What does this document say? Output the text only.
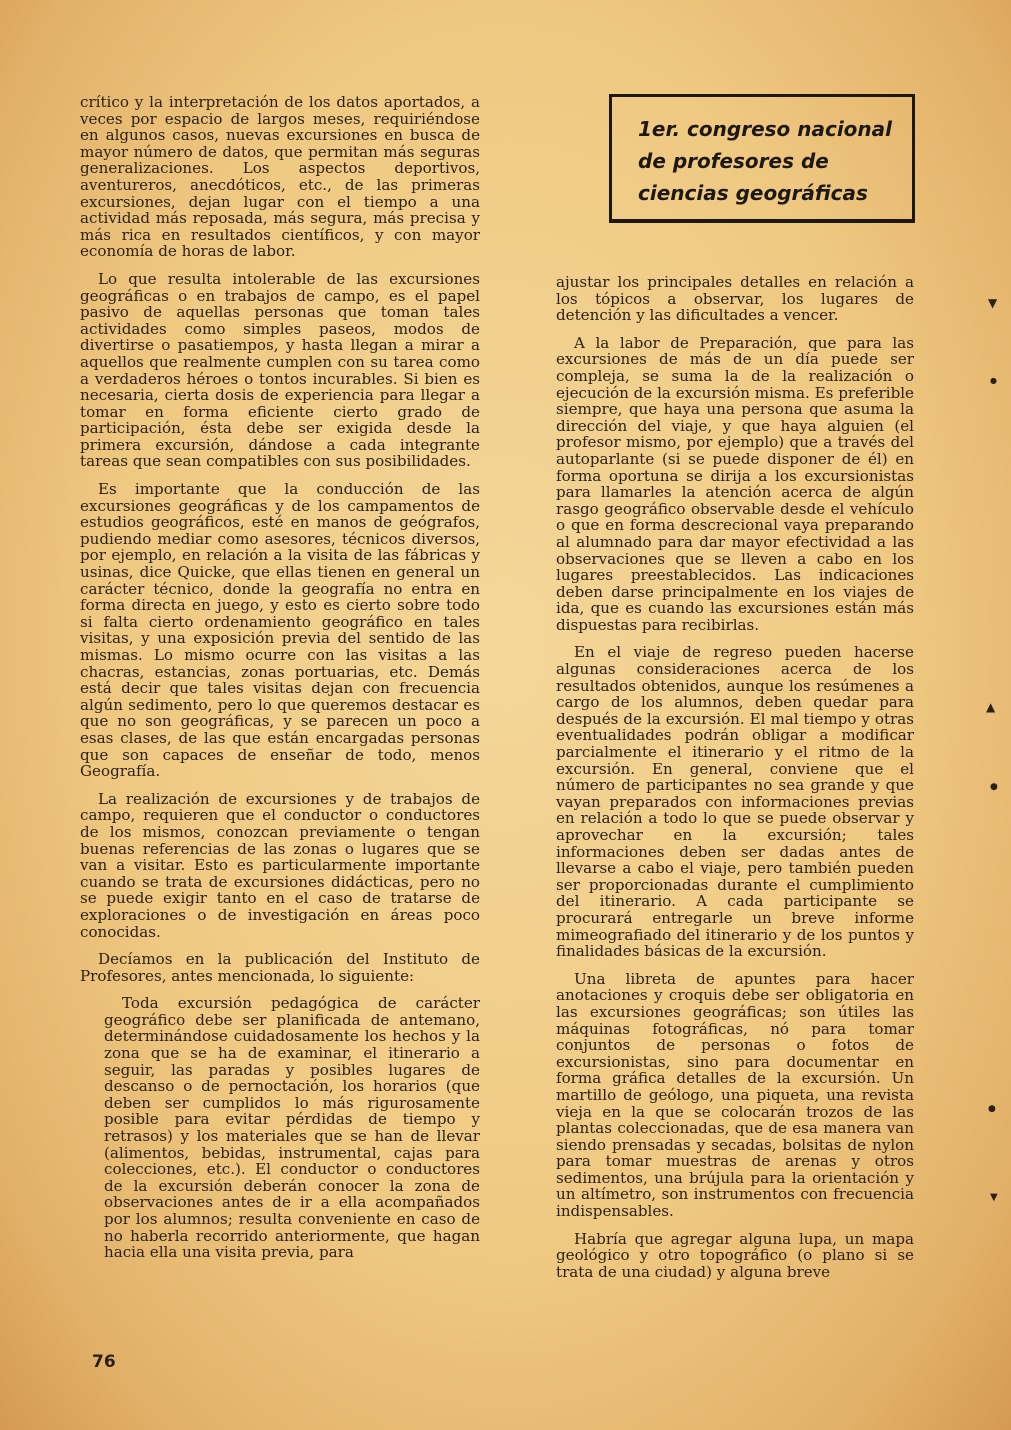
crítico y la interpretación de los datos aportados, a veces por espacio de largos meses, requiriéndose en algunos casos, nuevas excursiones en busca de mayor número de datos, que permitan más seguras generalizaciones. Los aspectos deportivos, aventureros, anecdóticos, etc., de las primeras excursiones, dejan lugar con el tiempo a una actividad más reposada, más segura, más precisa y más rica en resultados científicos, y con mayor economía de horas de labor.

Lo que resulta intolerable de las excursiones geográficas o en trabajos de campo, es el papel pasivo de aquellas personas que toman tales actividades como simples paseos, modos de divertirse o pasatiempos, y hasta llegan a mirar a aquellos que realmente cumplen con su tarea como a verdaderos héroes o tontos incurables. Si bien es necesaria, cierta dosis de experiencia para llegar a tomar en forma eficiente cierto grado de participación, ésta debe ser exigida desde la primera excursión, dándose a cada integrante tareas que sean compatibles con sus posibilidades.

Es importante que la conducción de las excursiones geográficas y de los campamentos de estudios geográficos, esté en manos de geógrafos, pudiendo mediar como asesores, técnicos diversos, por ejemplo, en relación a la visita de las fábricas y usinas, dice Quicke, que ellas tienen en general un carácter técnico, donde la geografía no entra en forma directa en juego, y esto es cierto sobre todo si falta cierto ordenamiento geográfico en tales visitas, y una exposición previa del sentido de las mismas. Lo mismo ocurre con las visitas a las chacras, estancias, zonas portuarias, etc. Demás está decir que tales visitas dejan con frecuencia algún sedimento, pero lo que queremos destacar es que no son geográficas, y se parecen un poco a esas clases, de las que están encargadas personas que son capaces de enseñar de todo, menos Geografía.

La realización de excursiones y de trabajos de campo, requieren que el conductor o conductores de los mismos, conozcan previamente o tengan buenas referencias de las zonas o lugares que se van a visitar. Esto es particularmente importante cuando se trata de excursiones didácticas, pero no se puede exigir tanto en el caso de tratarse de exploraciones o de investigación en áreas poco conocidas.

Decíamos en la publicación del Instituto de Profesores, antes mencionada, lo siguiente:

Toda excursión pedagógica de carácter geográfico debe ser planificada de antemano, determinándose cuidadosamente los hechos y la zona que se ha de examinar, el itinerario a seguir, las paradas y posibles lugares de descanso o de pernoctación, los horarios (que deben ser cumplidos lo más rigurosamente posible para evitar pérdidas de tiempo y retrasos) y los materiales que se han de llevar (alimentos, bebidas, instrumental, cajas para colecciones, etc.). El conductor o conductores de la excursión deberán conocer la zona de observaciones antes de ir a ella acompañados por los alumnos; resulta conveniente en caso de no haberla recorrido anteriormente, que hagan hacia ella una visita previa, para

1er. congreso nacional
de profesores de
ciencias geográficas

ajustar los principales detalles en relación a los tópicos a observar, los lugares de detención y las dificultades a vencer.

A la labor de Preparación, que para las excursiones de más de un día puede ser compleja, se suma la de la realización o ejecución de la excursión misma. Es preferible siempre, que haya una persona que asuma la dirección del viaje, y que haya alguien (el profesor mismo, por ejemplo) que a través del autoparlante (si se puede disponer de él) en forma oportuna se dirija a los excursionistas para llamarles la atención acerca de algún rasgo geográfico observable desde el vehículo o que en forma descrecional vaya preparando al alumnado para dar mayor efectividad a las observaciones que se lleven a cabo en los lugares preestablecidos. Las indicaciones deben darse principalmente en los viajes de ida, que es cuando las excursiones están más dispuestas para recibirlas.

En el viaje de regreso pueden hacerse algunas consideraciones acerca de los resultados obtenidos, aunque los resúmenes a cargo de los alumnos, deben quedar para después de la excursión. El mal tiempo y otras eventualidades podrán obligar a modificar parcialmente el itinerario y el ritmo de la excursión. En general, conviene que el número de participantes no sea grande y que vayan preparados con informaciones previas en relación a todo lo que se puede observar y aprovechar en la excursión; tales informaciones deben ser dadas antes de llevarse a cabo el viaje, pero también pueden ser proporcionadas durante el cumplimiento del itinerario. A cada participante se procurará entregarle un breve informe mimeografiado del itinerario y de los puntos y finalidades básicas de la excursión.

Una libreta de apuntes para hacer anotaciones y croquis debe ser obligatoria en las excursiones geográficas; son útiles las máquinas fotográficas, nó para tomar conjuntos de personas o fotos de excursionistas, sino para documentar en forma gráfica detalles de la excursión. Un martillo de geólogo, una piqueta, una revista vieja en la que se colocarán trozos de las plantas coleccionadas, que de esa manera van siendo prensadas y secadas, bolsitas de nylon para tomar muestras de arenas y otros sedimentos, una brújula para la orientación y un altímetro, son instrumentos con frecuencia indispensables.

Habría que agregar alguna lupa, un mapa geológico y otro topográfico (o plano si se trata de una ciudad) y alguna breve

76
▼
●
▲
●
●
▼
